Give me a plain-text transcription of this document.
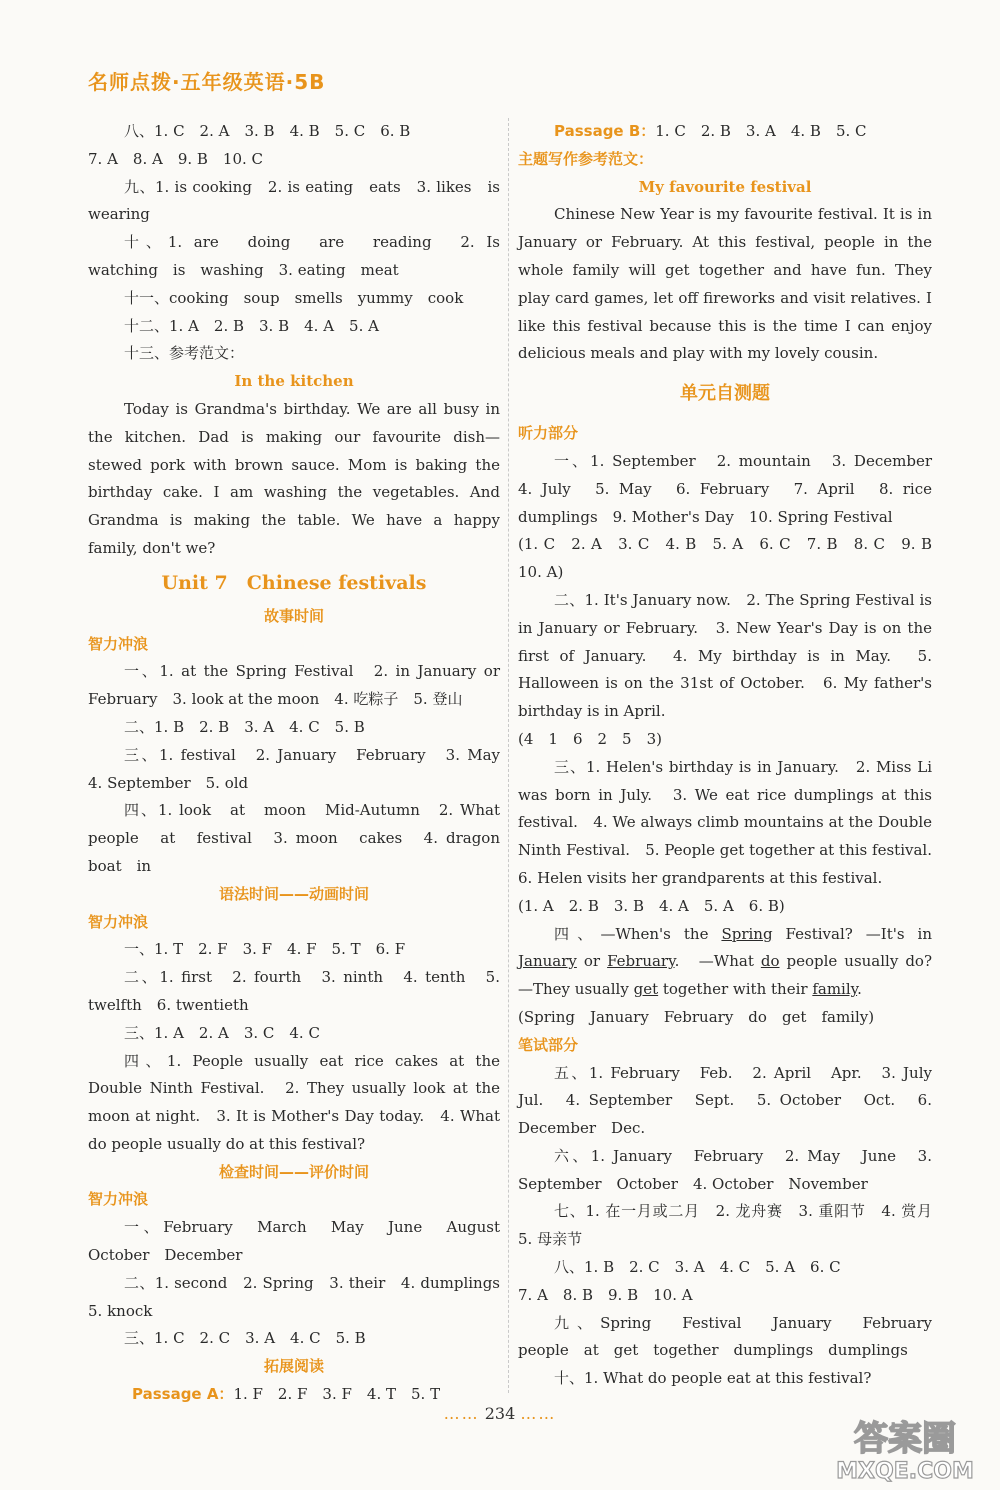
名师点拨·五年级英语·5B

八、1. C　2. A　3. B　4. B　5. C　6. B

7. A　8. A　9. B　10. C

九、1. is cooking　2. is eating　eats　3. likes　is wearing

十、1. are　doing　are　reading　2. Is　watching　is　washing　3. eating　meat

十一、cooking　soup　smells　yummy　cook

十二、1. A　2. B　3. B　4. A　5. A

十三、参考范文：

In the kitchen

Today is Grandma's birthday. We are all busy in the kitchen. Dad is making our favourite dish—stewed pork with brown sauce. Mom is baking the birthday cake. I am washing the vegetables. And Grandma is making the table. We have a happy family, don't we?

Unit 7　Chinese festivals

故事时间

智力冲浪

一、1. at the Spring Festival　2. in January or February　3. look at the moon　4. 吃粽子　5. 登山

二、1. B　2. B　3. A　4. C　5. B

三、1. festival　2. January　February　3. May　4. September　5. old

四、1. look　at　moon　Mid-Autumn　2. What　people　at　festival　3. moon　cakes　4. dragon　boat　in

语法时间——动画时间

智力冲浪

一、1. T　2. F　3. F　4. F　5. T　6. F

二、1. first　2. fourth　3. ninth　4. tenth　5. twelfth　6. twentieth

三、1. A　2. A　3. C　4. C

四、1. People usually eat rice cakes at the Double Ninth Festival.　2. They usually look at the moon at night.　3. It is Mother's Day today.　4. What do people usually do at this festival?

检查时间——评价时间

智力冲浪

一、February　March　May　June　August　October　December

二、1. second　2. Spring　3. their　4. dumplings　5. knock

三、1. C　2. C　3. A　4. C　5. B

拓展阅读

Passage A：1. F　2. F　3. F　4. T　5. T

Passage B：1. C　2. B　3. A　4. B　5. C

主题写作参考范文：

My favourite festival

Chinese New Year is my favourite festival. It is in January or February. At this festival, people in the whole family will get together and have fun. They play card games, let off fireworks and visit relatives. I like this festival because this is the time I can enjoy delicious meals and play with my lovely cousin.

单元自测题

听力部分

一、1. September　2. mountain　3. December　4. July　5. May　6. February　7. April　8. rice dumplings　9. Mother's Day　10. Spring Festival

(1. C　2. A　3. C　4. B　5. A　6. C　7. B　8. C　9. B　10. A)

二、1. It's January now.　2. The Spring Festival is in January or February.　3. New Year's Day is on the first of January.　4. My birthday is in May.　5. Halloween is on the 31st of October.　6. My father's birthday is in April.

(4　1　6　2　5　3)

三、1. Helen's birthday is in January.　2. Miss Li was born in July.　3. We eat rice dumplings at this festival.　4. We always climb mountains at the Double Ninth Festival.　5. People get together at this festival.　6. Helen visits her grandparents at this festival.

(1. A　2. B　3. B　4. A　5. A　6. B)

四、—When's the Spring Festival? —It's in January or February.　—What do people usually do? —They usually get together with their family.

(Spring　January　February　do　get　family)

笔试部分

五、1. February　Feb.　2. April　Apr.　3. July　Jul.　4. September　Sept.　5. October　Oct.　6. December　Dec.

六、1. January　February　2. May　June　3. September　October　4. October　November

七、1. 在一月或二月　2. 龙舟赛　3. 重阳节　4. 赏月　5. 母亲节

八、1. B　2. C　3. A　4. C　5. A　6. C

7. A　8. B　9. B　10. A

九、Spring　Festival　January　February　people　at　get　together　dumplings　dumplings

十、1. What do people eat at this festival?

…… 234 ……
答案圈
MXQE.COM
